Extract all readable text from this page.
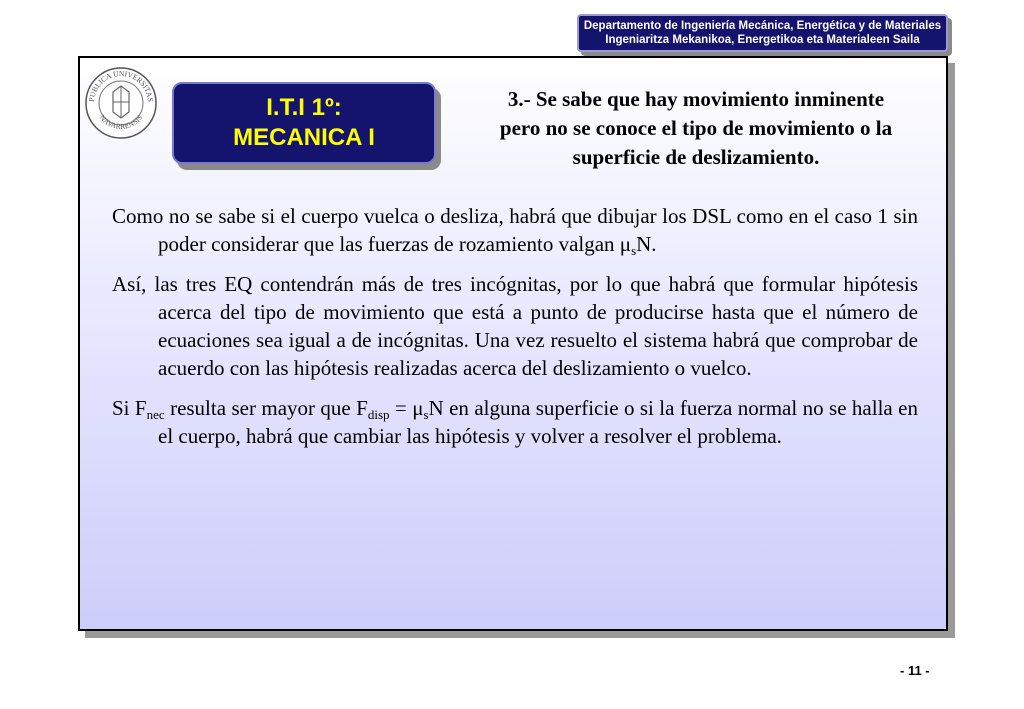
Departamento de Ingeniería Mecánica, Energética y de Materiales
Ingeniaritza Mekanikoa, Energetikoa eta Materialeen Saila
PUBLICA UNIVERSITAS
NAVARRENSIS	I.T.I 1º:
MECANICA I
3.- Se sabe que hay movimiento inminente
pero no se conoce el tipo de movimiento o la
superficie de deslizamiento.

Como no se sabe si el cuerpo vuelca o desliza, habrá que dibujar los DSL como en el caso 1 sin poder considerar que las fuerzas de rozamiento valgan $\mu_sN$.

Así, las tres EQ contendrán más de tres incógnitas, por lo que habrá que formular hipótesis acerca del tipo de movimiento que está a punto de producirse hasta que el número de ecuaciones sea igual a de incógnitas. Una vez resuelto el sistema habrá que comprobar de acuerdo con las hipótesis realizadas acerca del deslizamiento o vuelco.

Si $F_{nec}$ resulta ser mayor que $F_{disp} = \mu_sN$ en alguna superficie o si la fuerza normal no se halla en el cuerpo, habrá que cambiar las hipótesis y volver a resolver el problema.

- 11 -
